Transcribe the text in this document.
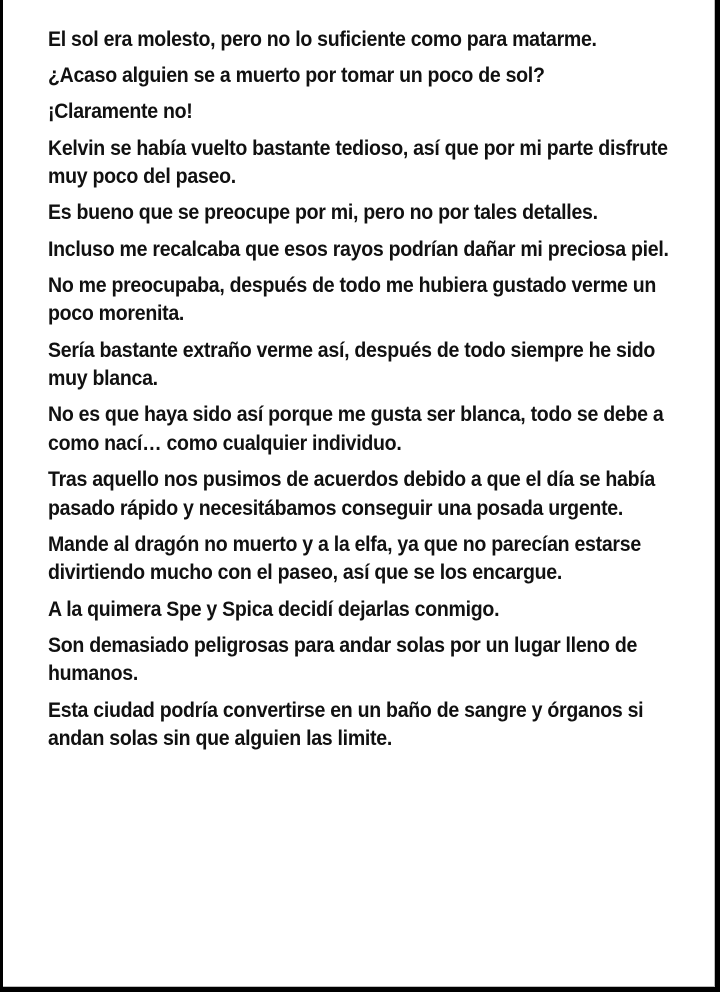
El sol era molesto, pero no lo suficiente como para matarme.

¿Acaso alguien se a muerto por tomar un poco de sol?

¡Claramente no!

Kelvin se había vuelto bastante tedioso, así que por mi parte disfrute muy poco del paseo.

Es bueno que se preocupe por mi, pero no por tales detalles.

Incluso me recalcaba que esos rayos podrían dañar mi preciosa piel.

No me preocupaba, después de todo me hubiera gustado verme un poco morenita.

Sería bastante extraño verme así, después de todo siempre he sido muy blanca.

No es que haya sido así porque me gusta ser blanca, todo se debe a como nací… como cualquier individuo.

Tras aquello nos pusimos de acuerdos debido a que el día se había pasado rápido y necesitábamos conseguir una posada urgente.

Mande al dragón no muerto y a la elfa, ya que no parecían estarse divirtiendo mucho con el paseo, así que se los encargue.

A la quimera Spe y Spica decidí dejarlas conmigo.

Son demasiado peligrosas para andar solas por un lugar lleno de humanos.

Esta ciudad podría convertirse en un baño de sangre y órganos si andan solas sin que alguien las limite.
